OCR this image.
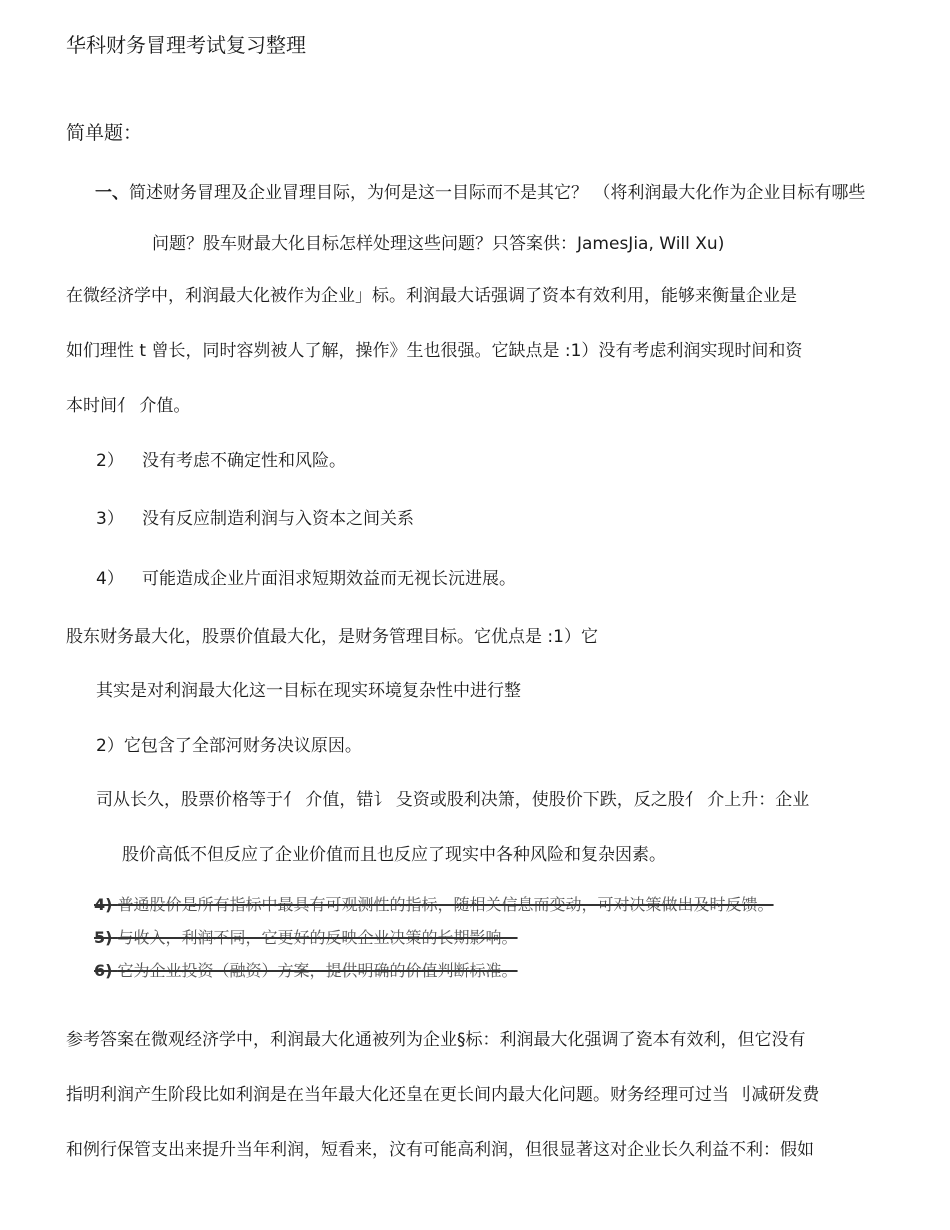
华科财务冒理考试复习整理
简单题：
一、简述财务冒理及企业冒理目际，为何是这一目际而不是其它？ （将利润最大化作为企业目标有哪些
问题？股车财最大化目标怎样处理这些问题？只答案供：JamesJia, Will Xu)
在微经济学中，利润最大化被作为企业」标。利润最大话强调了资本有效利用，能够来衡量企业是
如们理性 t 曾长，同时容刿被人了解，操作》生也很强。它缺点是 :1）没有考虑利润实现时间和资
本时间亻 介值。
2） 没有考虑不确定性和风险。
3） 没有反应制造利润与入资本之间关系
4） 可能造成企业片面泪求短期效益而无视长沅进展。
股东财务最大化，股票价值最大化，是财务管理目标。它优点是 :1）它
其实是对利润最大化这一目标在现实环境复杂性中进行整
2）它包含了全部河财务决议原因。
司从长久，股票价格等于亻 介值，错讠 殳资或股利决箫，使股价下跌，反之股亻 介上升：企业
股价高低不但反应了企业价值而且也反应了现实中各种风险和复杂因素。
4) 普通股价是所有指标中最具有可观测性的指标，随相关信息而变动，可对决策做出及时反馈。
5) 与收入，利润不同，它更好的反映企业决策的长期影响。
6) 它为企业投资（融资）方案，提供明确的价值判断标准。
参考答案在微观经济学中，利润最大化通被列为企业§标：利润最大化强调了瓷本有效利，但它没有
指明利润产生阶段比如利润是在当年最大化还皇在更长间内最大化问题。财务经理可过当 刂减研发费
和例行保管支出来提升当年利润，短看来，汶有可能高利润，但很显著这对企业长久利益不利：假如
